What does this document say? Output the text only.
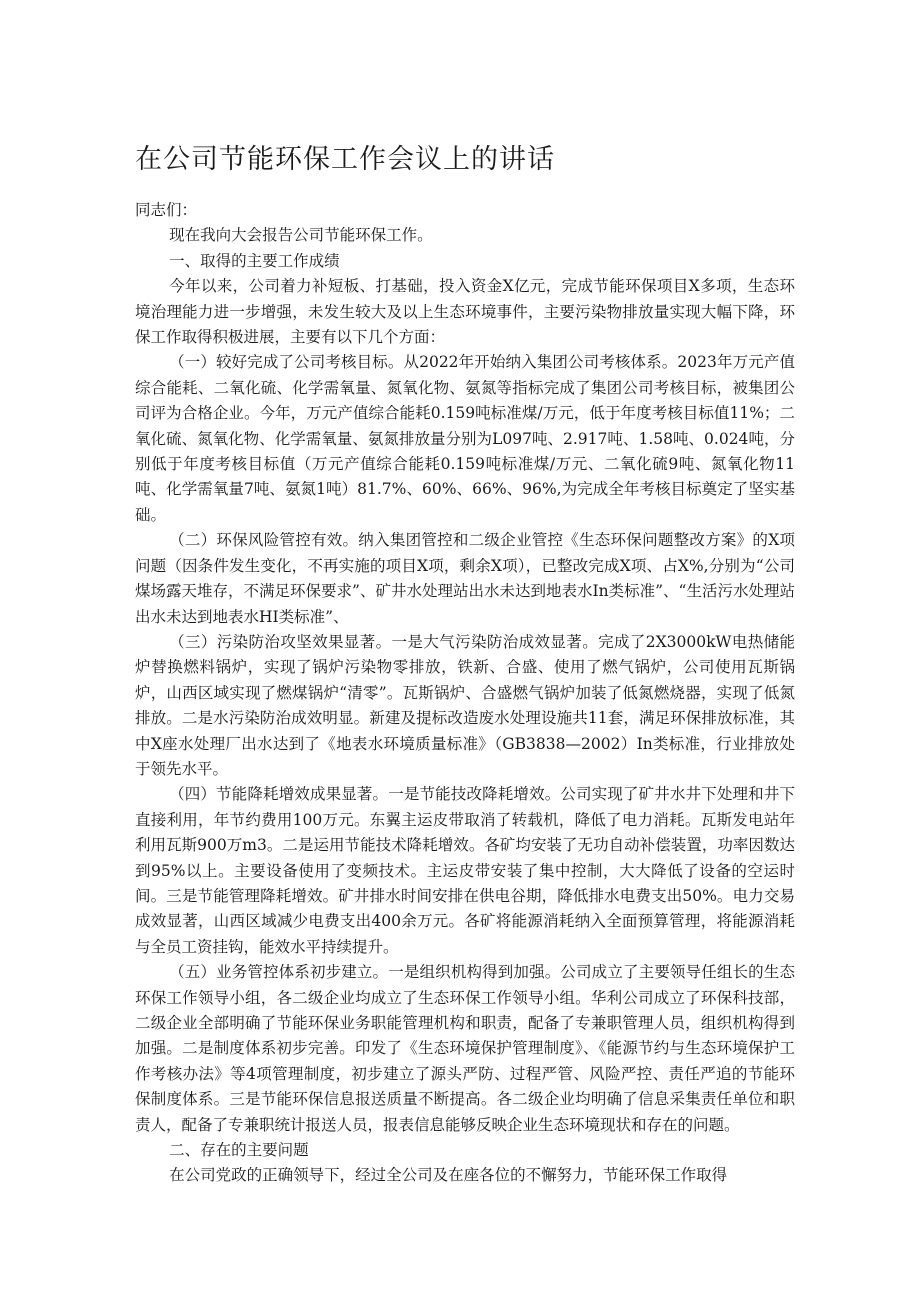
在公司节能环保工作会议上的讲话

同志们：

现在我向大会报告公司节能环保工作。

一、取得的主要工作成绩

今年以来，公司着力补短板、打基础，投入资金X亿元，完成节能环保项目X多项，生态环境治理能力进一步增强，未发生较大及以上生态环境事件，主要污染物排放量实现大幅下降，环保工作取得积极进展，主要有以下几个方面：

（一）较好完成了公司考核目标。从2022年开始纳入集团公司考核体系。2023年万元产值综合能耗、二氧化硫、化学需氧量、氮氧化物、氨氮等指标完成了集团公司考核目标，被集团公司评为合格企业。今年，万元产值综合能耗0.159吨标准煤/万元，低于年度考核目标值11%；二氧化硫、氮氧化物、化学需氧量、氨氮排放量分别为L097吨、2.917吨、1.58吨、0.024吨，分别低于年度考核目标值（万元产值综合能耗0.159吨标准煤/万元、二氧化硫9吨、氮氧化物11吨、化学需氧量7吨、氨氮1吨）81.7%、60%、66%、96%,为完成全年考核目标奠定了坚实基础。

（二）环保风险管控有效。纳入集团管控和二级企业管控《生态环保问题整改方案》的X项问题（因条件发生变化，不再实施的项目X项，剩余X项），已整改完成X项、占X%,分别为“公司煤场露天堆存，不满足环保要求”、矿井水处理站出水未达到地表水In类标准”、“生活污水处理站出水未达到地表水HI类标准”、

（三）污染防治攻坚效果显著。一是大气污染防治成效显著。完成了2X3000kW电热储能炉替换燃料锅炉，实现了锅炉污染物零排放，铁新、合盛、使用了燃气锅炉，公司使用瓦斯锅炉，山西区域实现了燃煤锅炉“清零”。瓦斯锅炉、合盛燃气锅炉加装了低氮燃烧器，实现了低氮排放。二是水污染防治成效明显。新建及提标改造废水处理设施共11套，满足环保排放标准，其中X座水处理厂出水达到了《地表水环境质量标准》（GB3838—2002）In类标准，行业排放处于领先水平。

（四）节能降耗增效成果显著。一是节能技改降耗增效。公司实现了矿井水井下处理和井下直接利用，年节约费用100万元。东翼主运皮带取消了转载机，降低了电力消耗。瓦斯发电站年利用瓦斯900万m3。二是运用节能技术降耗增效。各矿均安装了无功自动补偿装置，功率因数达到95%以上。主要设备使用了变频技术。主运皮带安装了集中控制，大大降低了设备的空运时间。三是节能管理降耗增效。矿井排水时间安排在供电谷期，降低排水电费支出50%。电力交易成效显著，山西区域减少电费支出400余万元。各矿将能源消耗纳入全面预算管理，将能源消耗与全员工资挂钩，能效水平持续提升。

（五）业务管控体系初步建立。一是组织机构得到加强。公司成立了主要领导任组长的生态环保工作领导小组，各二级企业均成立了生态环保工作领导小组。华利公司成立了环保科技部，二级企业全部明确了节能环保业务职能管理机构和职责，配备了专兼职管理人员，组织机构得到加强。二是制度体系初步完善。印发了《生态环境保护管理制度》、《能源节约与生态环境保护工作考核办法》等4项管理制度，初步建立了源头严防、过程严管、风险严控、责任严追的节能环保制度体系。三是节能环保信息报送质量不断提高。各二级企业均明确了信息采集责任单位和职责人，配备了专兼职统计报送人员，报表信息能够反映企业生态环境现状和存在的问题。

二、存在的主要问题

在公司党政的正确领导下，经过全公司及在座各位的不懈努力，节能环保工作取得
